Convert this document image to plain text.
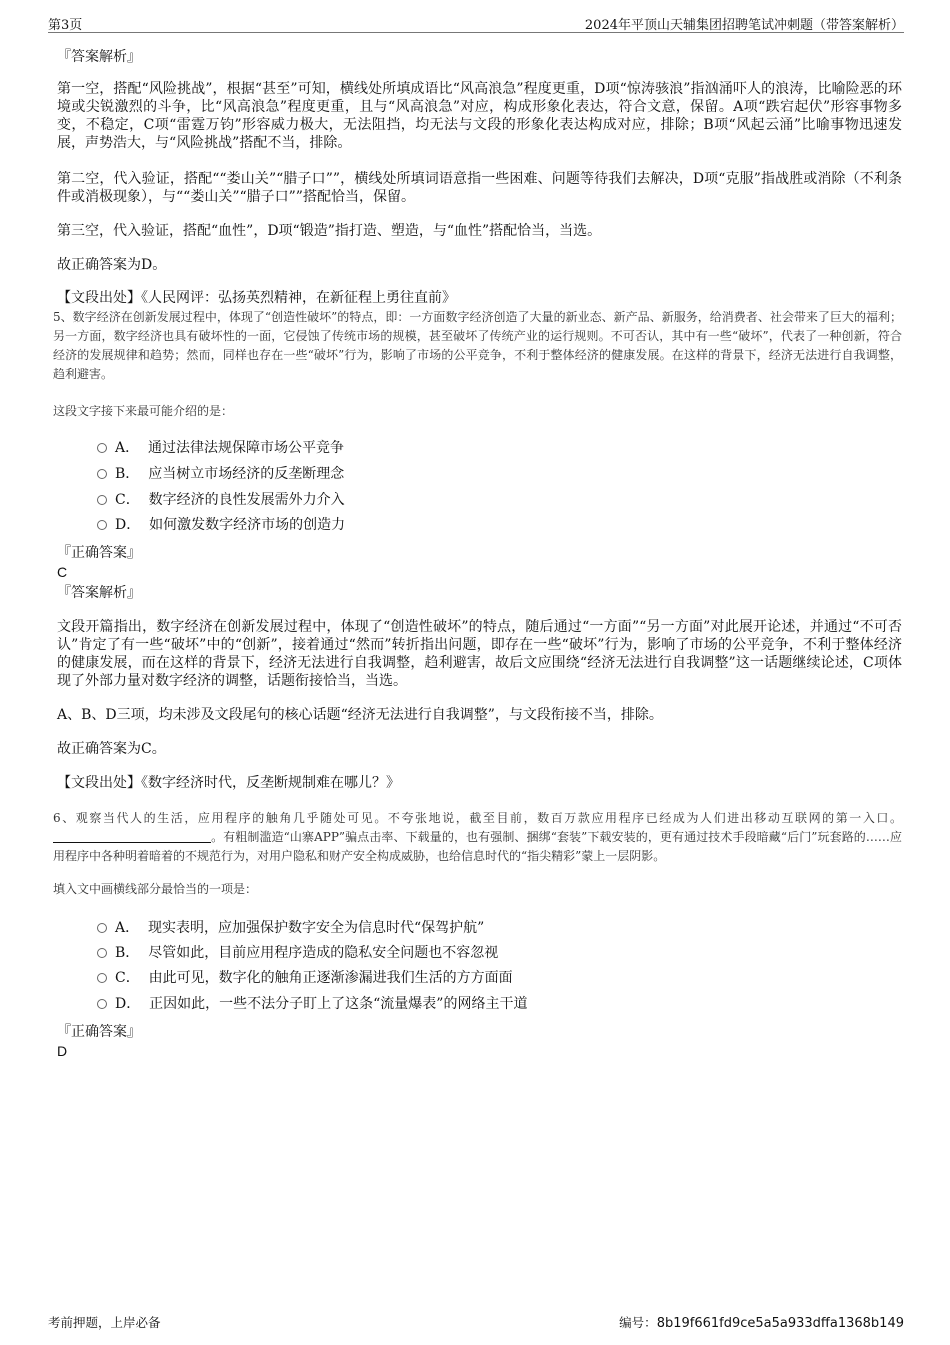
第3页	2024年平顶山天辅集团招聘笔试冲刺题（带答案解析）
『答案解析』
第一空，搭配“风险挑战”，根据“甚至”可知，横线处所填成语比“风高浪急”程度更重，D项“惊涛骇浪”指汹涌吓人的浪涛，比喻险恶的环境或尖锐激烈的斗争，比“风高浪急”程度更重，且与“风高浪急”对应，构成形象化表达，符合文意，保留。A项“跌宕起伏”形容事物多变，不稳定，C项“雷霆万钧”形容威力极大，无法阻挡，均无法与文段的形象化表达构成对应，排除；B项“风起云涌”比喻事物迅速发展，声势浩大，与“风险挑战”搭配不当，排除。
第二空，代入验证，搭配““娄山关”“腊子口””，横线处所填词语意指一些困难、问题等待我们去解决，D项“克服”指战胜或消除（不利条件或消极现象），与““娄山关”“腊子口””搭配恰当，保留。
第三空，代入验证，搭配“血性”，D项“锻造”指打造、塑造，与“血性”搭配恰当，当选。
故正确答案为D。
【文段出处】《人民网评：弘扬英烈精神，在新征程上勇往直前》
5、数字经济在创新发展过程中，体现了“创造性破坏”的特点，即：一方面数字经济创造了大量的新业态、新产品、新服务，给消费者、社会带来了巨大的福利；另一方面，数字经济也具有破坏性的一面，它侵蚀了传统市场的规模，甚至破坏了传统产业的运行规则。不可否认，其中有一些“破坏”，代表了一种创新，符合经济的发展规律和趋势；然而，同样也存在一些“破坏”行为，影响了市场的公平竞争，不利于整体经济的健康发展。在这样的背景下，经济无法进行自我调整，趋利避害。
这段文字接下来最可能介绍的是：
A． 通过法律法规保障市场公平竞争
B． 应当树立市场经济的反垄断理念
C． 数字经济的良性发展需外力介入
D． 如何激发数字经济市场的创造力
『正确答案』
C
『答案解析』
文段开篇指出，数字经济在创新发展过程中，体现了“创造性破坏”的特点，随后通过“一方面”“另一方面”对此展开论述，并通过“不可否认”肯定了有一些“破坏”中的“创新”，接着通过“然而”转折指出问题，即存在一些“破坏”行为，影响了市场的公平竞争，不利于整体经济的健康发展，而在这样的背景下，经济无法进行自我调整，趋利避害，故后文应围绕“经济无法进行自我调整”这一话题继续论述，C项体现了外部力量对数字经济的调整，话题衔接恰当，当选。
A、B、D三项，均未涉及文段尾句的核心话题“经济无法进行自我调整”，与文段衔接不当，排除。
故正确答案为C。
【文段出处】《数字经济时代，反垄断规制难在哪儿？》
6、观察当代人的生活，应用程序的触角几乎随处可见。不夸张地说，截至目前，数百万款应用程序已经成为人们进出移动互联网的第一入口。。有粗制滥造“山寨APP”骗点击率、下载量的，也有强制、捆绑“套装”下载安装的，更有通过技术手段暗藏“后门”玩套路的……应用程序中各种明着暗着的不规范行为，对用户隐私和财产安全构成威胁，也给信息时代的“指尖精彩”蒙上一层阴影。
填入文中画横线部分最恰当的一项是：
A． 现实表明，应加强保护数字安全为信息时代“保驾护航”
B． 尽管如此，目前应用程序造成的隐私安全问题也不容忽视
C． 由此可见，数字化的触角正逐渐渗漏进我们生活的方方面面
D． 正因如此，一些不法分子盯上了这条“流量爆表”的网络主干道
『正确答案』
D
考前押题，上岸必备	编号：8b19f661fd9ce5a5a933dffa1368b149
